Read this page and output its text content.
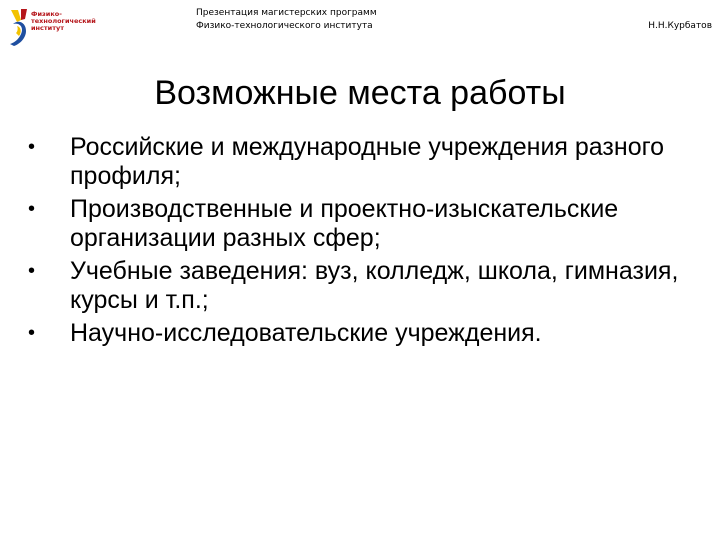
Физико-
технологический
институт
Презентация магистерских программ
Физико-технологического института	Н.Н.Курбатов
Возможные места работы
•	Российские и международные учреждения разного профиля;
•	Производственные и проектно-изыскательские организации разных сфер;
•	Учебные заведения: вуз, колледж, школа, гимназия, курсы и т.п.;
•	Научно-исследовательские учреждения.
